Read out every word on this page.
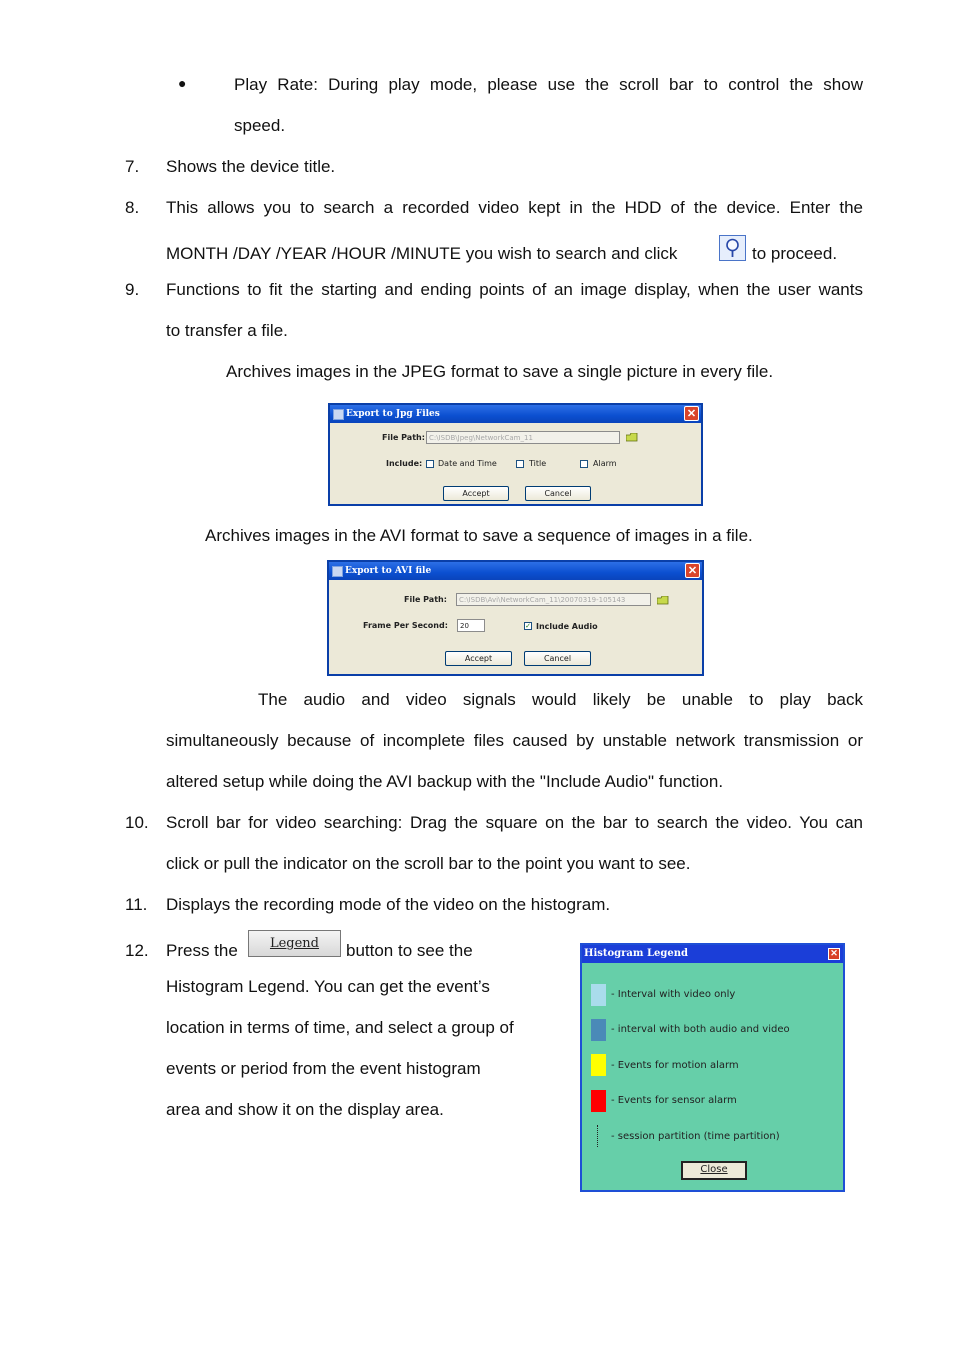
●	Play Rate: During play mode, please use the scroll bar to control the show
speed.
7. Shows the device title.
8. This allows you to search a recorded video kept in the HDD of the device. Enter the
MONTH /DAY /YEAR /HOUR /MINUTE you wish to search and click	to proceed.
9. Functions to fit the starting and ending points of an image display, when the user wants
to transfer a file.
Archives images in the JPEG format to save a single picture in every file.
Export to Jpg Files	✕
File Path: C:\ISDB\Jpeg\NetworkCam_11
Include: Date and Time	Title	Alarm
Accept	Cancel
Archives images in the AVI format to save a sequence of images in a file.
Export to AVI file	✕
File Path:	C:\ISDB\Avi\NetworkCam_11\20070319-105143
Frame Per Second:	20	✓ Include Audio
Accept	Cancel
The audio and video signals would likely be unable to play back
simultaneously because of incomplete files caused by unstable network transmission or
altered setup while doing the AVI backup with the "Include Audio" function.
10. Scroll bar for video searching: Drag the square on the bar to search the video. You can
click or pull the indicator on the scroll bar to the point you want to see.
11. Displays the recording mode of the video on the histogram.
12. Press the	Legend	button to see the
Histogram Legend. You can get the event’s
location in terms of time, and select a group of
events or period from the event histogram
area and show it on the display area.
Histogram Legend	✕
- Interval with video only
- interval with both audio and video
- Events for motion alarm
- Events for sensor alarm
- session partition (time partition)
Close
